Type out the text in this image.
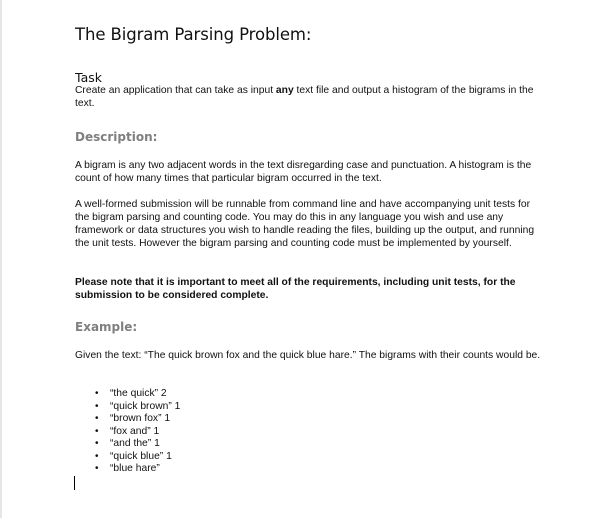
The Bigram Parsing Problem:
Task
Create an application that can take as input any text file and output a histogram of the bigrams in the text.
Description:
A bigram is any two adjacent words in the text disregarding case and punctuation. A histogram is the count of how many times that particular bigram occurred in the text.
A well-formed submission will be runnable from command line and have accompanying unit tests for the bigram parsing and counting code. You may do this in any language you wish and use any framework or data structures you wish to handle reading the files, building up the output, and running the unit tests. However the bigram parsing and counting code must be implemented by yourself.
Please note that it is important to meet all of the requirements, including unit tests, for the submission to be considered complete.
Example:
Given the text: “The quick brown fox and the quick blue hare.” The bigrams with their counts would be.
• “the quick” 2
• “quick brown” 1
• “brown fox” 1
• “fox and” 1
• “and the” 1
• “quick blue” 1
• “blue hare”
